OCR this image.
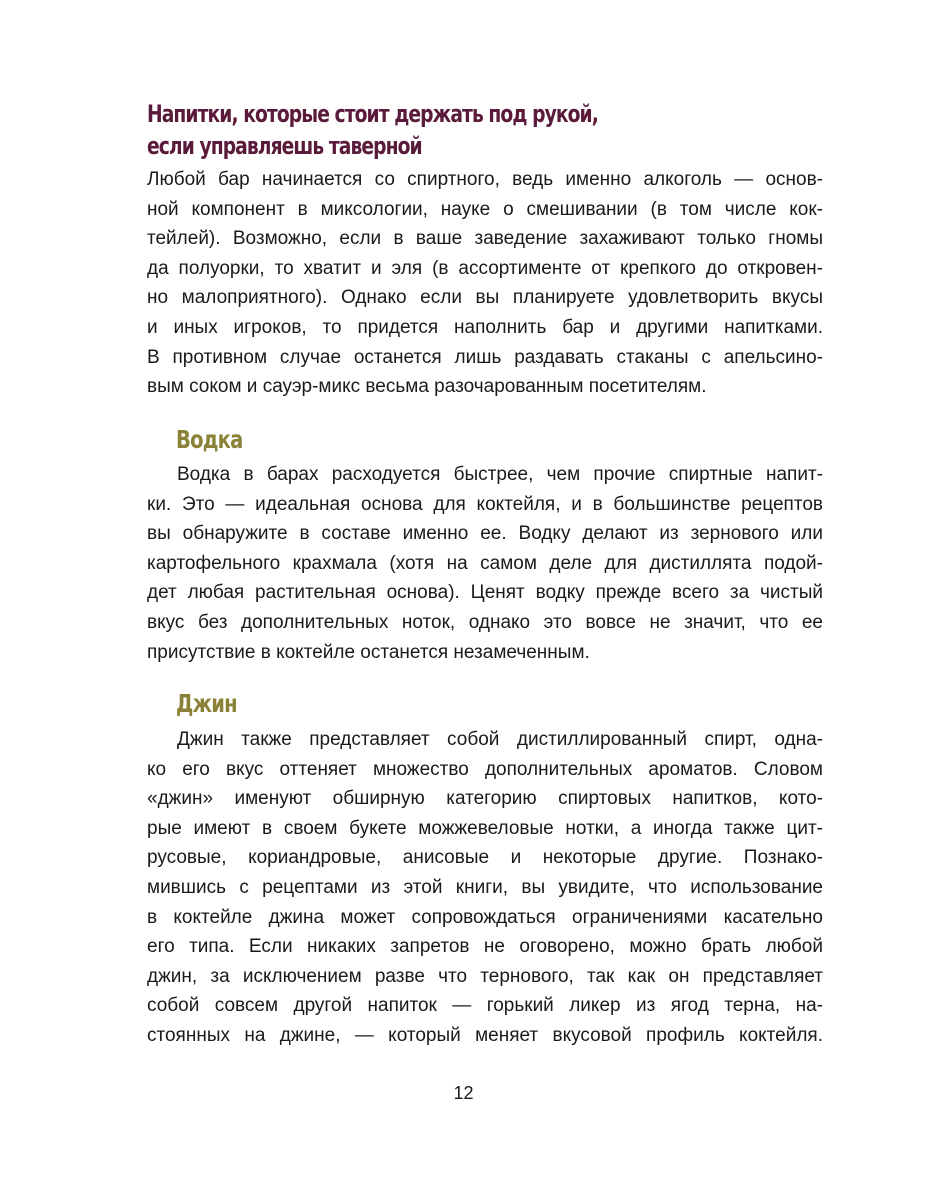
Напитки, которые стоит держать под рукой,
если управляешь таверной
Любой бар начинается со спиртного, ведь именно алкоголь — основ-
ной компонент в миксологии, науке о смешивании (в том числе кок-
тейлей). Возможно, если в ваше заведение захаживают только гномы
да полуорки, то хватит и эля (в ассортименте от крепкого до откровен-
но малоприятного). Однако если вы планируете удовлетворить вкусы
и иных игроков, то придется наполнить бар и другими напитками.
В противном случае останется лишь раздавать стаканы с апельсино-
вым соком и сауэр-микс весьма разочарованным посетителям.
Водка
Водка в барах расходуется быстрее, чем прочие спиртные напит-
ки. Это — идеальная основа для коктейля, и в большинстве рецептов
вы обнаружите в составе именно ее. Водку делают из зернового или
картофельного крахмала (хотя на самом деле для дистиллята подой-
дет любая растительная основа). Ценят водку прежде всего за чистый
вкус без дополнительных ноток, однако это вовсе не значит, что ее
присутствие в коктейле останется незамеченным.
Джин
Джин также представляет собой дистиллированный спирт, одна-
ко его вкус оттеняет множество дополнительных ароматов. Словом
«джин» именуют обширную категорию спиртовых напитков, кото-
рые имеют в своем букете можжевеловые нотки, а иногда также цит-
русовые, кориандровые, анисовые и некоторые другие. Познако-
мившись с рецептами из этой книги, вы увидите, что использование
в коктейле джина может сопровождаться ограничениями касательно
его типа. Если никаких запретов не оговорено, можно брать любой
джин, за исключением разве что тернового, так как он представляет
собой совсем другой напиток — горький ликер из ягод терна, на-
стоянных на джине, — который меняет вкусовой профиль коктейля.

12
